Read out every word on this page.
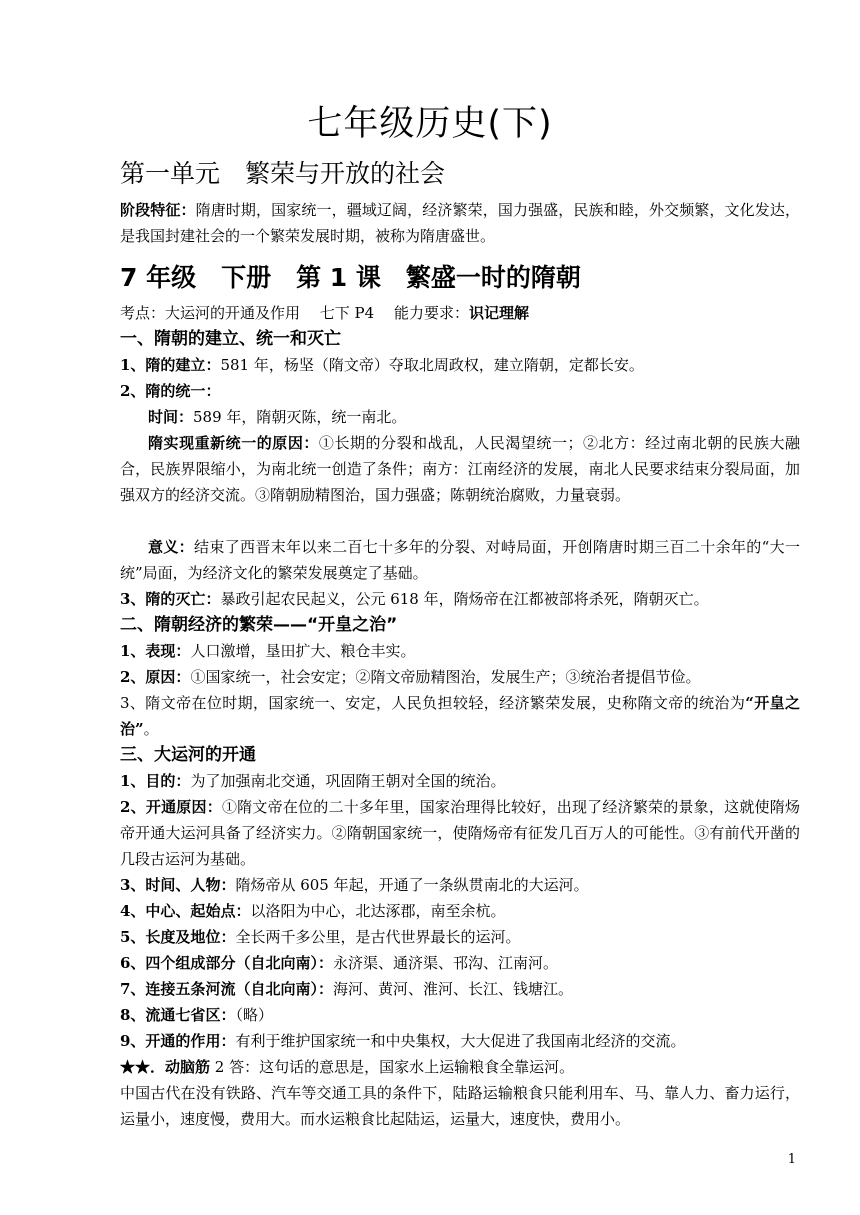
七年级历史(下)
第一单元　繁荣与开放的社会
阶段特征：隋唐时期，国家统一，疆域辽阔，经济繁荣，国力强盛，民族和睦，外交频繁，文化发达，是我国封建社会的一个繁荣发展时期，被称为隋唐盛世。
7 年级　下册　第 1 课　繁盛一时的隋朝
考点：大运河的开通及作用　 七下 P4　 能力要求：识记理解
一、隋朝的建立、统一和灭亡
1、隋的建立：581 年，杨坚（隋文帝）夺取北周政权，建立隋朝，定都长安。
2、隋的统一：
时间：589 年，隋朝灭陈，统一南北。
隋实现重新统一的原因：①长期的分裂和战乱，人民渴望统一；②北方：经过南北朝的民族大融合，民族界限缩小，为南北统一创造了条件；南方：江南经济的发展，南北人民要求结束分裂局面，加强双方的经济交流。③隋朝励精图治，国力强盛；陈朝统治腐败，力量衰弱。
意义：结束了西晋末年以来二百七十多年的分裂、对峙局面，开创隋唐时期三百二十余年的“大一统”局面，为经济文化的繁荣发展奠定了基础。
3、隋的灭亡：暴政引起农民起义，公元 618 年，隋炀帝在江都被部将杀死，隋朝灭亡。
二、隋朝经济的繁荣——“开皇之治”
1、表现：人口激增，垦田扩大、粮仓丰实。
2、原因：①国家统一，社会安定；②隋文帝励精图治，发展生产；③统治者提倡节俭。
3、隋文帝在位时期，国家统一、安定，人民负担较轻，经济繁荣发展，史称隋文帝的统治为“开皇之治”。
三、大运河的开通
1、目的：为了加强南北交通，巩固隋王朝对全国的统治。
2、开通原因：①隋文帝在位的二十多年里，国家治理得比较好，出现了经济繁荣的景象，这就使隋炀帝开通大运河具备了经济实力。②隋朝国家统一，使隋炀帝有征发几百万人的可能性。③有前代开凿的几段古运河为基础。
3、时间、人物：隋炀帝从 605 年起，开通了一条纵贯南北的大运河。
4、中心、起始点：以洛阳为中心，北达涿郡，南至余杭。
5、长度及地位：全长两千多公里，是古代世界最长的运河。
6、四个组成部分（自北向南）：永济渠、通济渠、邗沟、江南河。
7、连接五条河流（自北向南）：海河、黄河、淮河、长江、钱塘江。
8、流通七省区：（略）
9、开通的作用：有利于维护国家统一和中央集权，大大促进了我国南北经济的交流。
★★．动脑筋 2 答：这句话的意思是，国家水上运输粮食全靠运河。
中国古代在没有铁路、汽车等交通工具的条件下，陆路运输粮食只能利用车、马、靠人力、畜力运行，运量小，速度慢，费用大。而水运粮食比起陆运，运量大，速度快，费用小。
1
